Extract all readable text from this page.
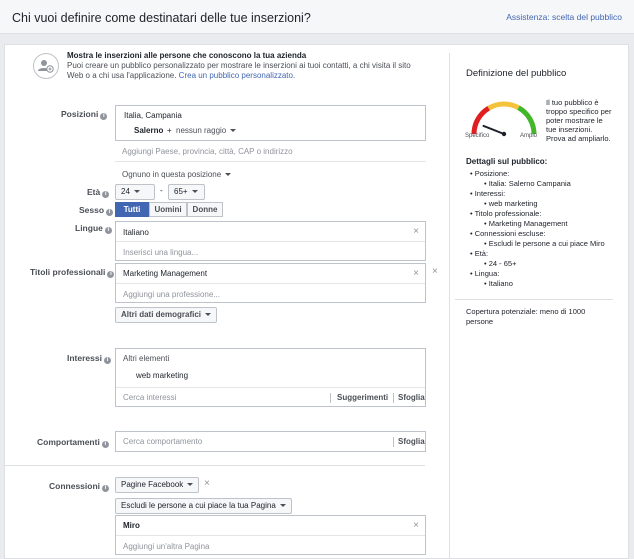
Chi vuoi definire come destinatari delle tue inserzioni?	Assistenza: scelta del pubblico
Mostra le inserzioni alle persone che conoscono la tua azienda
Puoi creare un pubblico personalizzato per mostrare le inserzioni ai tuoi contatti, a chi visita il sito
Web o a chi usa l'applicazione. Crea un pubblico personalizzato.
Posizioni i	Italia, Campania
Salerno + nessun raggio
Aggiungi Paese, provincia, città, CAP o indirizzo
Ognuno in questa posizione
Età i	24	-	65+
Sesso i	Tutti	Uomini	Donne
Lingue i	Italiano	×
Inserisci una lingua...
Titoli professionali i	Marketing Management	×
Aggiungi una professione...
×
Altri dati demografici
Interessi i	Altri elementi
web marketing
Cerca interessi	Suggerimenti Sfoglia
Comportamenti i	Cerca comportamento	Sfoglia
Connessioni i	Pagine Facebook	×
Escludi le persone a cui piace la tua Pagina
Miro	×
Aggiungi un'altra Pagina
Definizione del pubblico
Specifico	Ampio
Il tuo pubblico è
troppo specifico per
poter mostrare le
tue inserzioni.
Prova ad ampliarlo.
Dettagli sul pubblico:
• Posizione:
• Italia: Salerno Campania
• Interessi:
• web marketing
• Titolo professionale:
• Marketing Management
• Connessioni escluse:
• Escludi le persone a cui piace Miro
• Età:
• 24 - 65+
• Lingua:
• Italiano
Copertura potenziale: meno di 1000
persone
